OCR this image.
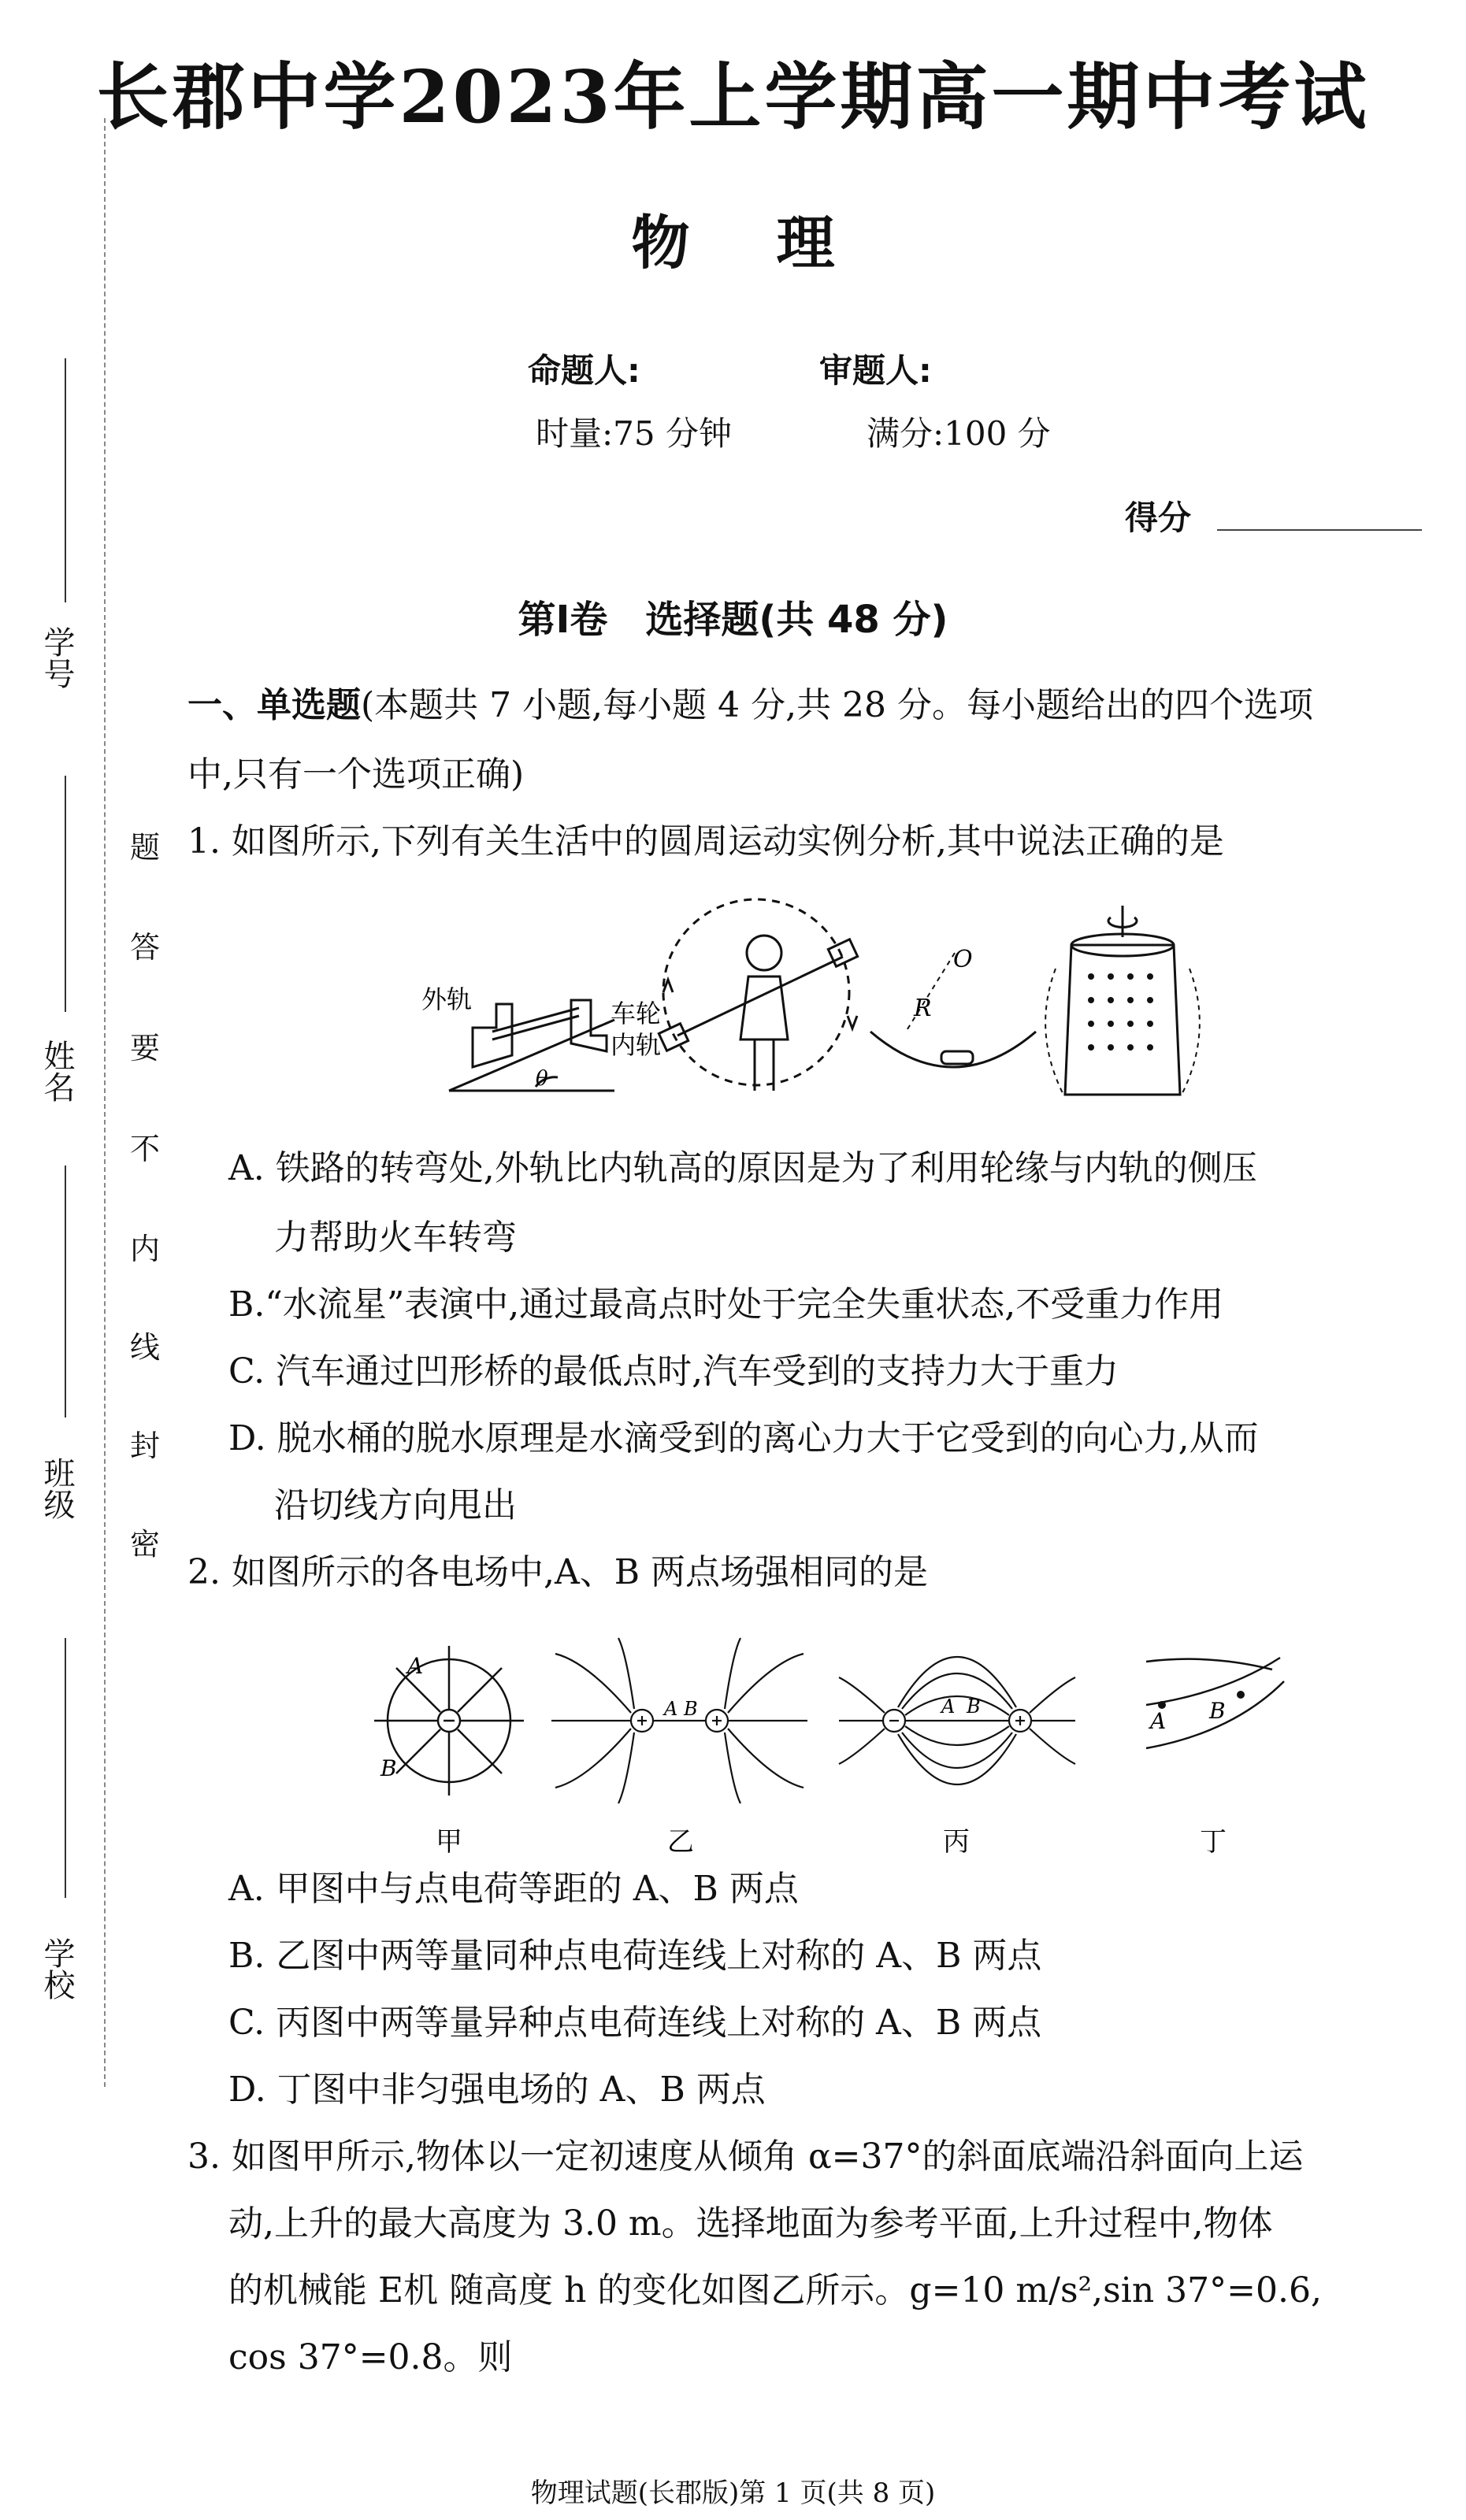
学号
姓名
班级
学校
题
答
要
不
内
线
封
密
长郡中学2023年上学期高一期中考试
物 理
命题人:	审题人:
时量:75 分钟	满分:100 分
得分
第Ⅰ卷　选择题(共 48 分)
一、单选题(本题共 7 小题,每小题 4 分,共 28 分。每小题给出的四个选项
中,只有一个选项正确)
1. 如图所示,下列有关生活中的圆周运动实例分析,其中说法正确的是
外轨	车轮
内轨
θ
O
R
A. 铁路的转弯处,外轨比内轨高的原因是为了利用轮缘与内轨的侧压
力帮助火车转弯
B.“水流星”表演中,通过最高点时处于完全失重状态,不受重力作用
C. 汽车通过凹形桥的最低点时,汽车受到的支持力大于重力
D. 脱水桶的脱水原理是水滴受到的离心力大于它受到的向心力,从而
沿切线方向甩出
2. 如图所示的各电场中,A、B 两点场强相同的是
A
B
甲
A B
乙
A B
丙
A B
丁
A. 甲图中与点电荷等距的 A、B 两点
B. 乙图中两等量同种点电荷连线上对称的 A、B 两点
C. 丙图中两等量异种点电荷连线上对称的 A、B 两点
D. 丁图中非匀强电场的 A、B 两点
3. 如图甲所示,物体以一定初速度从倾角 α=37°的斜面底端沿斜面向上运
动,上升的最大高度为 3.0 m。选择地面为参考平面,上升过程中,物体
的机械能 E机 随高度 h 的变化如图乙所示。g=10 m/s²,sin 37°=0.6,
cos 37°=0.8。则
物理试题(长郡版)第 1 页(共 8 页)
